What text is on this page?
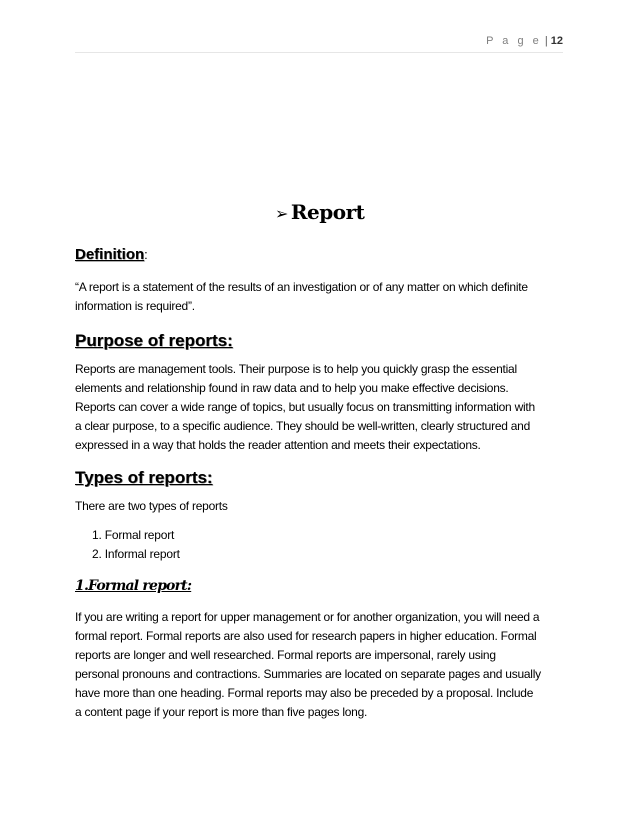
P a g e | 12
➢ Report
Definition:
“A report is a statement of the results of an investigation or of any matter on which definite
information is required”.
Purpose of reports:
Reports are management tools. Their purpose is to help you quickly grasp the essential
elements and relationship found in raw data and to help you make effective decisions.
Reports can cover a wide range of topics, but usually focus on transmitting information with
a clear purpose, to a specific audience. They should be well-written, clearly structured and
expressed in a way that holds the reader attention and meets their expectations.
Types of reports:
There are two types of reports
1. Formal report
2. Informal report
1.Formal report:
If you are writing a report for upper management or for another organization, you will need a
formal report. Formal reports are also used for research papers in higher education. Formal
reports are longer and well researched. Formal reports are impersonal, rarely using
personal pronouns and contractions. Summaries are located on separate pages and usually
have more than one heading. Formal reports may also be preceded by a proposal. Include
a content page if your report is more than five pages long.
